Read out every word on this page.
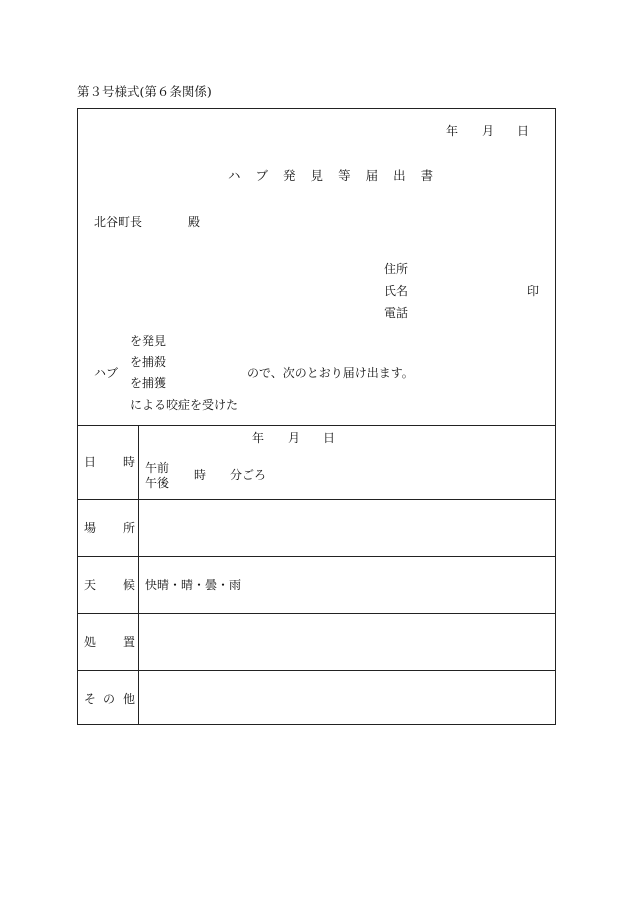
第３号様式(第６条関係)
年 月 日
ハ ブ 発 見 等 届 出 書
北谷町長	殿
住所
氏名	印
電話
ハブ
を発見
を捕殺
を捕獲
による咬症を受けた
ので、次のとおり届け出ます。
日 時
年 月 日
午前
午後
時 分ごろ
場 所
天 候 快晴・晴・曇・雨
処 置
そ の 他
